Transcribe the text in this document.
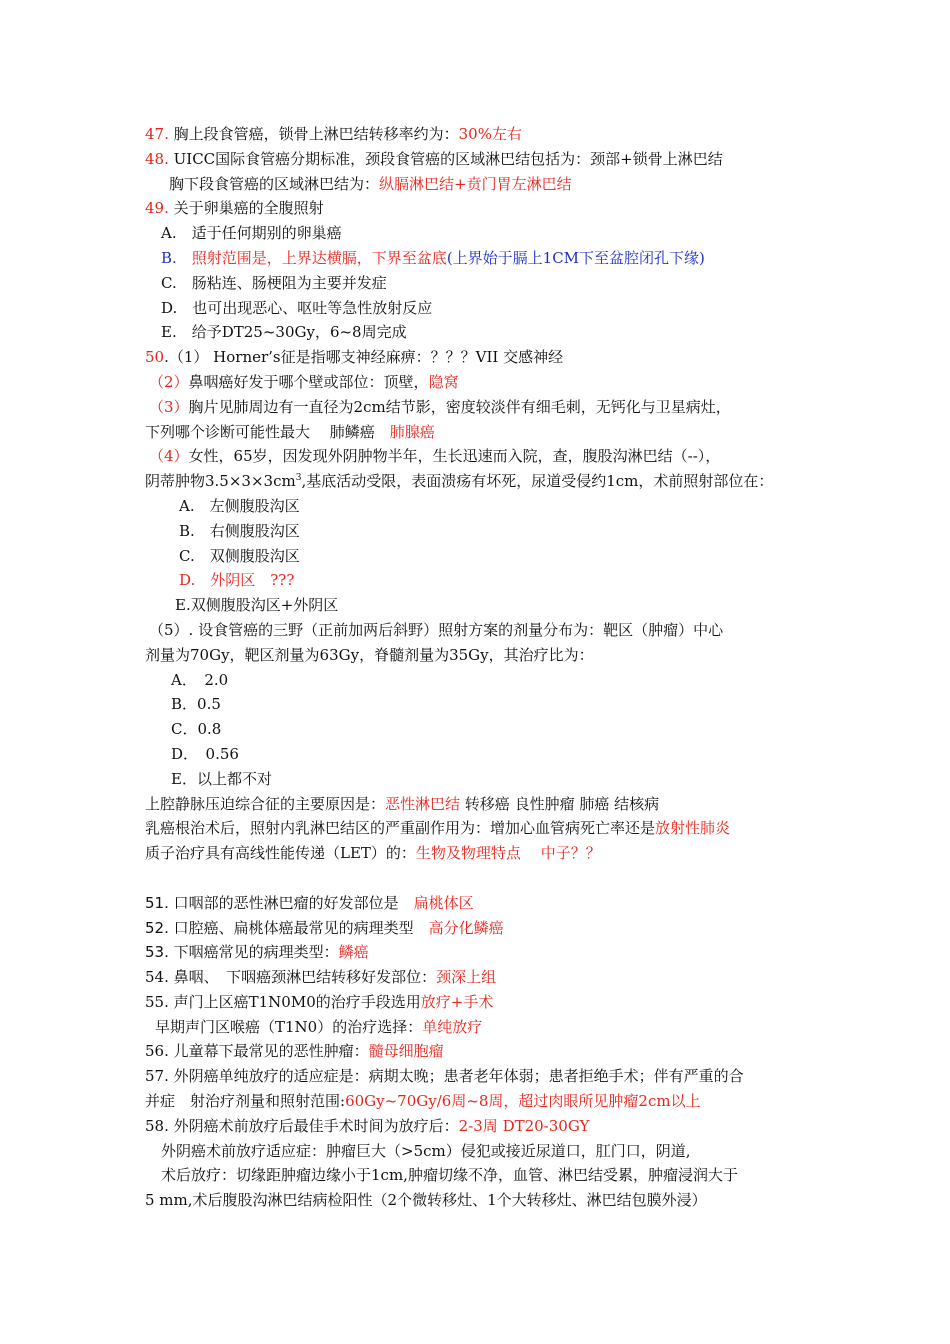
47. 胸上段食管癌，锁骨上淋巴结转移率约为：30%左右
48. UICC国际食管癌分期标准，颈段食管癌的区域淋巴结包括为：颈部+锁骨上淋巴结
胸下段食管癌的区域淋巴结为：纵膈淋巴结+贲门胃左淋巴结
49. 关于卵巢癌的全腹照射
A.　适于任何期别的卵巢癌
B.　照射范围是，上界达横膈，下界至盆底(上界始于膈上1CM下至盆腔闭孔下缘)
C.　肠粘连、肠梗阻为主要并发症
D.　也可出现恶心、呕吐等急性放射反应
E.　给予DT25~30Gy，6~8周完成
50.（1） Horner’s征是指哪支神经麻痹：？？？VII 交感神经
（2）鼻咽癌好发于哪个壁或部位：顶壁，隐窝
（3）胸片见肺周边有一直径为2cm结节影，密度较淡伴有细毛刺，无钙化与卫星病灶，
下列哪个诊断可能性最大　 肺鳞癌　肺腺癌
（4）女性，65岁，因发现外阴肿物半年，生长迅速而入院，查，腹股沟淋巴结（--），
阴蒂肿物$3.5\times 3\times 3cm^3$,基底活动受限，表面溃疡有坏死，尿道受侵约1cm，术前照射部位在：
A.　左侧腹股沟区
B.　右侧腹股沟区
C.　双侧腹股沟区
D.　外阴区　???
E.双侧腹股沟区+外阴区
（5）. 设食管癌的三野（正前加两后斜野）照射方案的剂量分布为：靶区（肿瘤）中心
剂量为70Gy，靶区剂量为63Gy，脊髓剂量为35Gy，其治疗比为：
A．　2.0
B．0.5
C．0.8
D．　0.56
E．以上都不对
上腔静脉压迫综合征的主要原因是：恶性淋巴结 转移癌 良性肿瘤 肺癌 结核病
乳癌根治术后，照射内乳淋巴结区的严重副作用为：增加心血管病死亡率还是放射性肺炎
质子治疗具有高线性能传递（LET）的：生物及物理特点　 中子？？
51. 口咽部的恶性淋巴瘤的好发部位是　扁桃体区
52. 口腔癌、扁桃体癌最常见的病理类型　高分化鳞癌
53. 下咽癌常见的病理类型：鳞癌
54. 鼻咽、　下咽癌颈淋巴结转移好发部位：颈深上组
55. 声门上区癌T1N0M0的治疗手段选用放疗+手术
早期声门区喉癌（T1N0）的治疗选择：单纯放疗
56. 儿童幕下最常见的恶性肿瘤：髓母细胞瘤
57. 外阴癌单纯放疗的适应症是：病期太晚；患者老年体弱；患者拒绝手术；伴有严重的合
并症　射治疗剂量和照射范围:60Gy~70Gy/6周~8周，超过肉眼所见肿瘤2cm以上
58. 外阴癌术前放疗后最佳手术时间为放疗后：2-3周 DT20-30GY
外阴癌术前放疗适应症：肿瘤巨大（>5cm）侵犯或接近尿道口，肛门口，阴道,
术后放疗：切缘距肿瘤边缘小于1cm,肿瘤切缘不净，血管、淋巴结受累，肿瘤浸润大于
5 mm,术后腹股沟淋巴结病检阳性（2个微转移灶、1个大转移灶、淋巴结包膜外浸）
